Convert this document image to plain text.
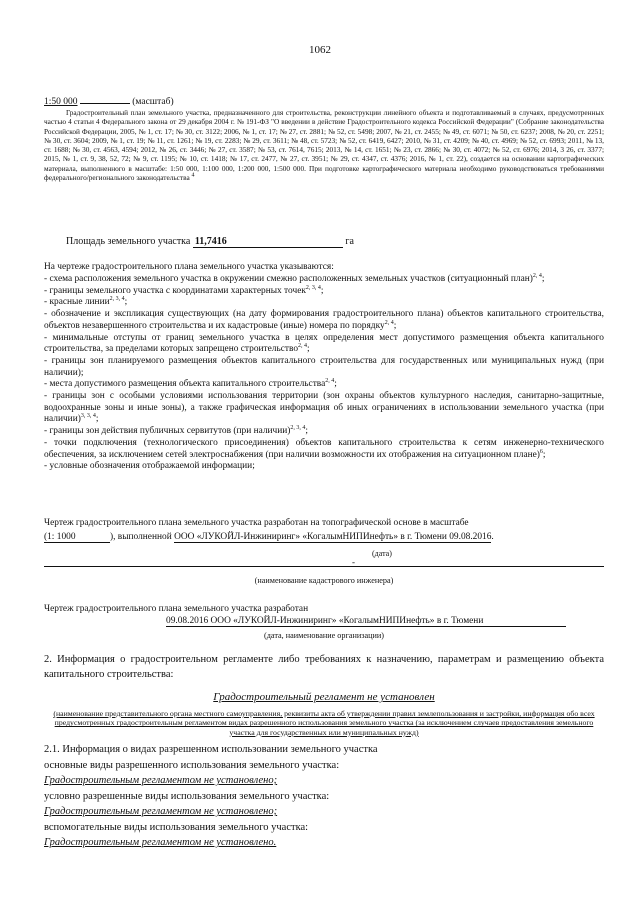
1062
1:50 000	(масштаб)
Градостроительный план земельного участка, предназначенного для строительства, реконструкции линейного объекта и подготавливаемый в случаях, предусмотренных частью 4 статьи 4 Федерального закона от 29 декабря 2004 г. № 191-ФЗ "О введении в действие Градостроительного кодекса Российской Федерации" (Собрание законодательства Российской Федерации, 2005, № 1, ст. 17; № 30, ст. 3122; 2006, № 1, ст. 17; № 27, ст. 2881; № 52, ст. 5498; 2007, № 21, ст. 2455; № 49, ст. 6071; № 50, ст. 6237; 2008, № 20, ст. 2251; № 30, ст. 3604; 2009, № 1, ст. 19; № 11, ст. 1261; № 19, ст. 2283; № 29, ст. 3611; № 48, ст. 5723; № 52, ст. 6419, 6427; 2010, № 31, ст. 4209; № 40, ст. 4969; № 52, ст. 6993; 2011, № 13, ст. 1688; № 30, ст. 4563, 4594; 2012, № 26, ст. 3446; № 27, ст. 3587; № 53, ст. 7614, 7615; 2013, № 14, ст. 1651; № 23, ст. 2866; № 30, ст. 4072; № 52, ст. 6976; 2014, 3 26, ст. 3377; 2015, № 1, ст. 9, 38, 52, 72; № 9, ст. 1195; № 10, ст. 1418; № 17, ст. 2477, № 27, ст. 3951; № 29, ст. 4347, ст. 4376; 2016, № 1, ст. 22), создается на основании картографических материала, выполненного в масштабе: 1:50 000, 1:100 000, 1:200 000, 1:500 000. При подготовке картографического материала необходимо руководствоваться требованиями федерального/регионального законодательства $^4$
Площадь земельного участка 11,7416	га
На чертеже градостроительного плана земельного участка указываются:
- схема расположения земельного участка в окружении смежно расположенных земельных участков (ситуационный план)$^{2, 4}$;
- границы земельного участка с координатами характерных точек$^{2, 3, 4}$;
- красные линии$^{2, 3, 4}$;
- обозначение и экспликация существующих (на дату формирования градостроительного плана) объектов капитального строительства, объектов незавершенного строительства и их кадастровые (иные) номера по порядку$^{2, 4}$;
- минимальные отступы от границ земельного участка в целях определения мест допустимого размещения объекта капитального строительства, за пределами которых запрещено строительство$^{2, 4}$;
- границы зон планируемого размещения объектов капитального строительства для государственных или муниципальных нужд (при наличии);
- места допустимого размещения объекта капитального строительства$^{2, 4}$;
- границы зон с особыми условиями использования территории (зон охраны объектов культурного наследия, санитарно-защитные, водоохранные зоны и иные зоны), а также графическая информация об иных ограничениях в использовании земельного участка (при наличии)$^{3, 3, 4}$;
- границы зон действия публичных сервитутов (при наличии)$^{2, 3, 4}$;
- точки подключения (технологического присоединения) объектов капитального строительства к сетям инженерно-технического обеспечения, за исключением сетей электроснабжения (при наличии возможности их отображения на ситуационном плане)$^6$;
- условные обозначения отображаемой информации;
Чертеж градостроительного плана земельного участка разработан на топографической основе в масштабе
(1: 1000	), выполненной ООО «ЛУКОЙЛ-Инжиниринг» «КогалымНИПИнефть» в г. Тюмени 09.08.2016.
(дата)
-
(наименование кадастрового инженера)
Чертеж градостроительного плана земельного участка разработан
09.08.2016 ООО «ЛУКОЙЛ-Инжиниринг» «КогалымНИПИнефть» в г. Тюмени
(дата, наименование организации)
2. Информация о градостроительном регламенте либо требованиях к назначению, параметрам и размещению объекта капитального строительства:
Градостроительный регламент не установлен
(наименование представительного органа местного самоуправления, реквизиты акта об утверждении правил землепользования и застройки, информация обо всех предусмотренных градостроительным регламентом видах разрешенного использования земельного участка (за исключением случаев предоставления земельного участка для государственных или муниципальных нужд)
2.1. Информация о видах разрешенном использовании земельного участка
основные виды разрешенного использования земельного участка:
Градостроительным регламентом не установлено;
условно разрешенные виды использования земельного участка:
Градостроительным регламентом не установлено;
вспомогательные виды использования земельного участка:
Градостроительным регламентом не установлено.
